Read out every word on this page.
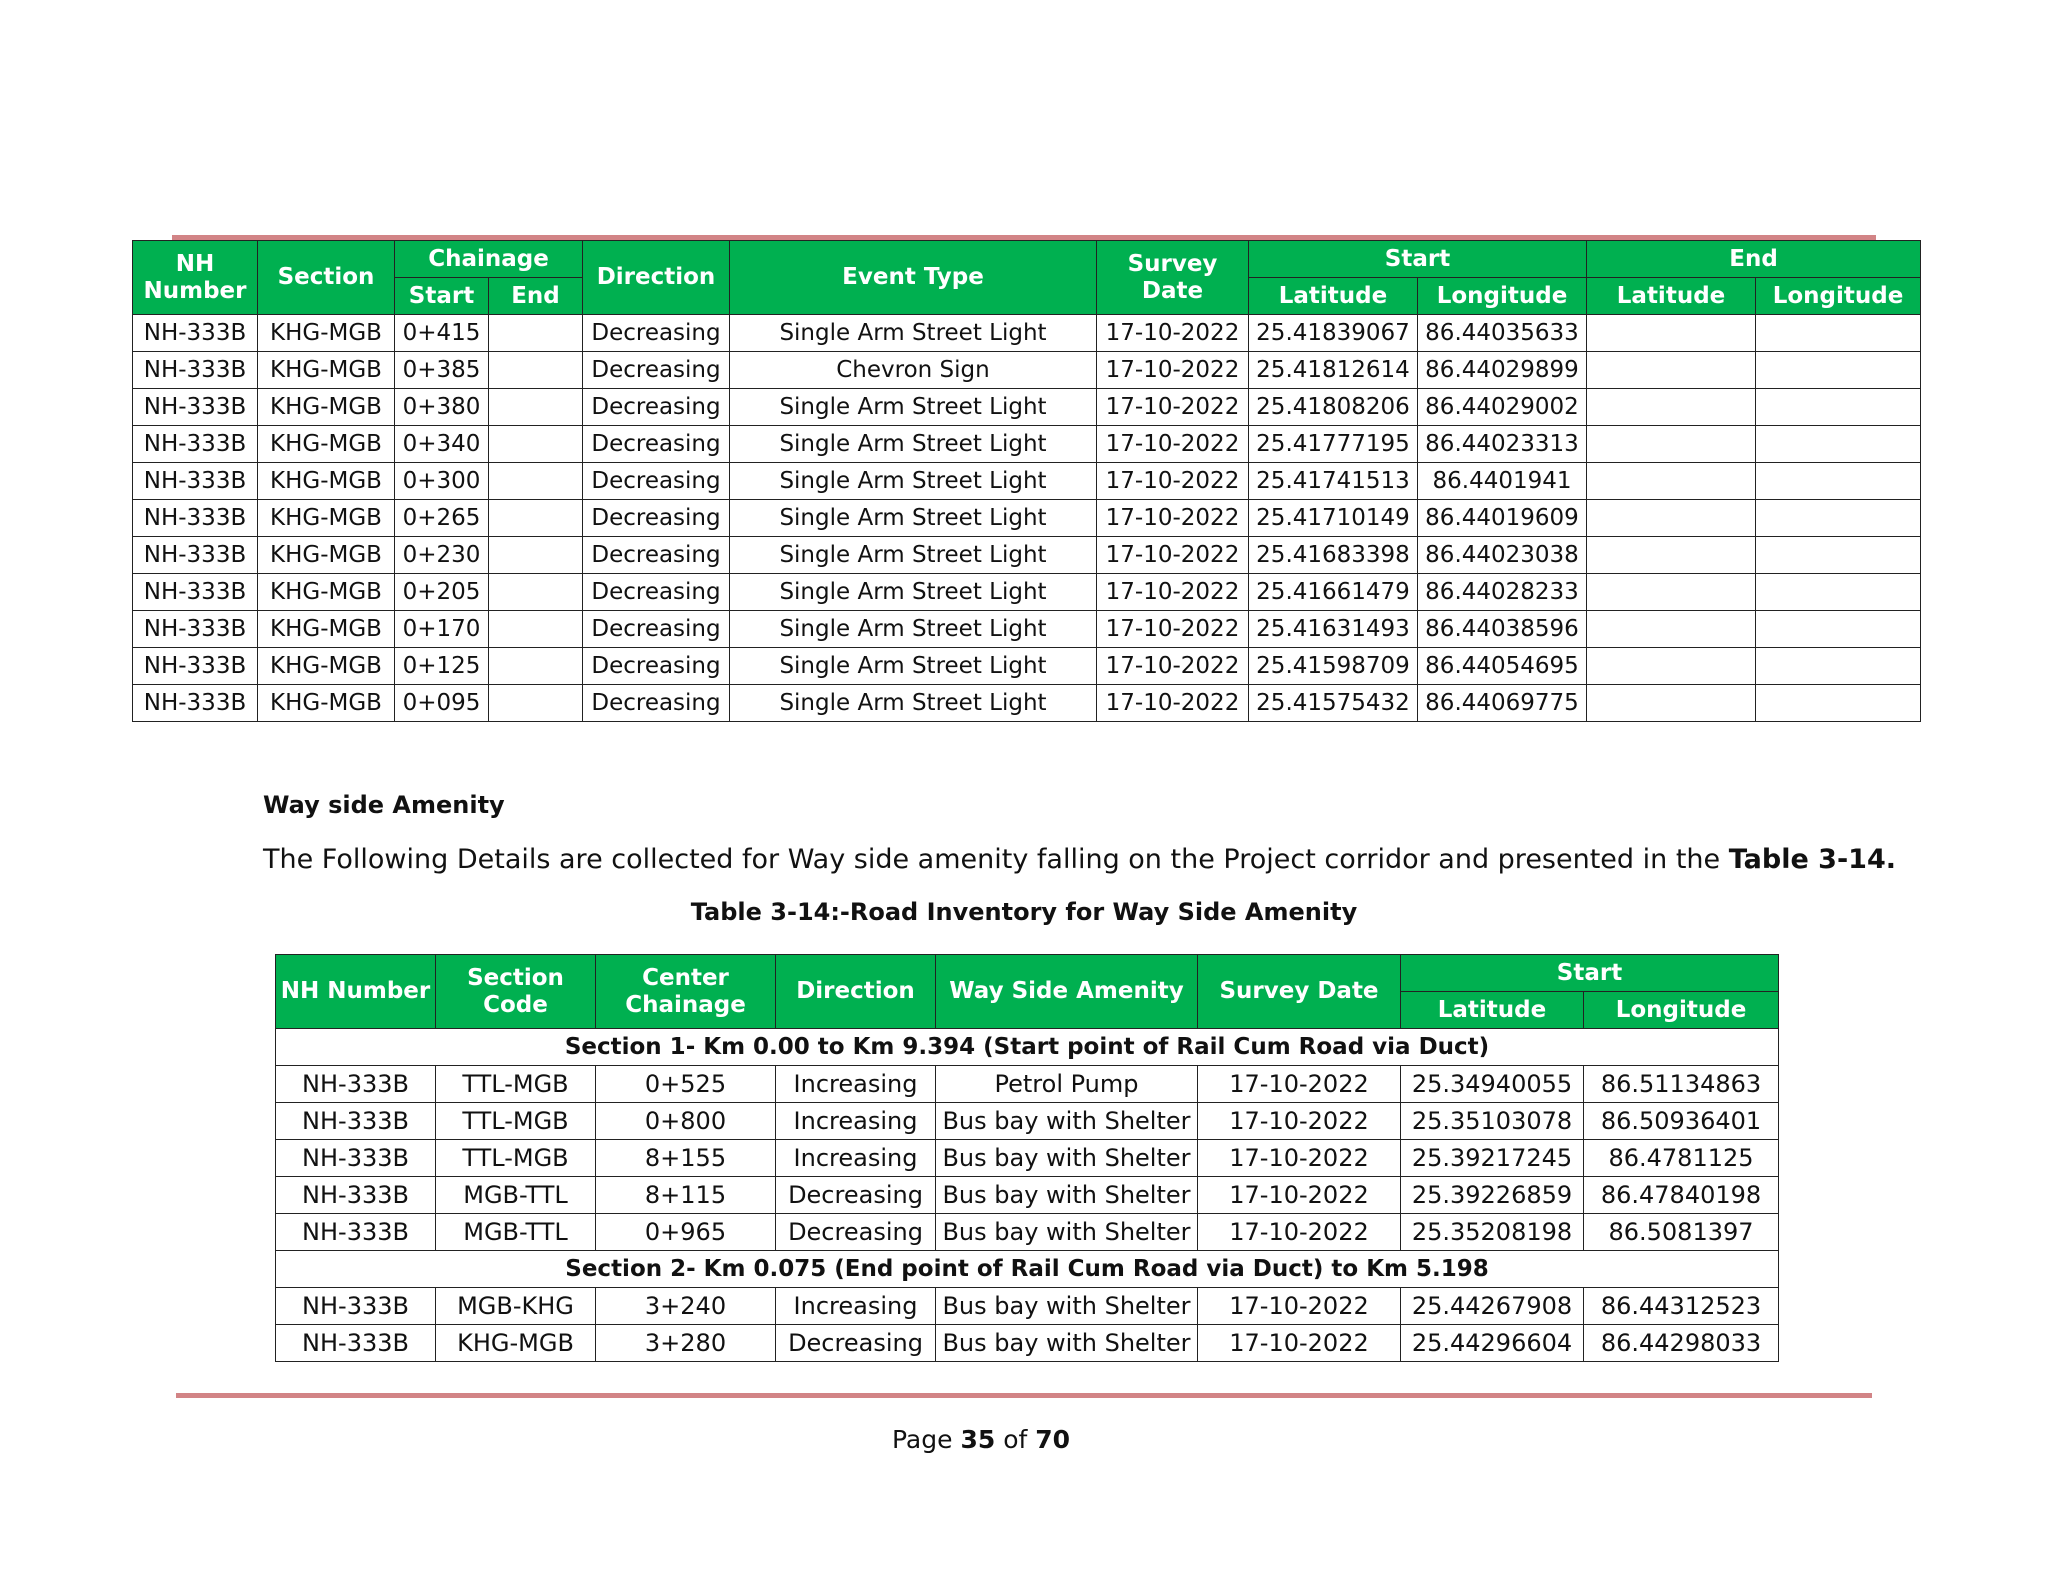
NH Number	Section	Chainage		Direction	Event Type	Survey Date	Start		End	
		Start	End				Latitude	Longitude	Latitude	Longitude
NH-333B	KHG-MGB	0+415		Decreasing	Single Arm Street Light	17-10-2022	25.41839067	86.44035633		
NH-333B	KHG-MGB	0+385		Decreasing	Chevron Sign	17-10-2022	25.41812614	86.44029899		
NH-333B	KHG-MGB	0+380		Decreasing	Single Arm Street Light	17-10-2022	25.41808206	86.44029002		
NH-333B	KHG-MGB	0+340		Decreasing	Single Arm Street Light	17-10-2022	25.41777195	86.44023313		
NH-333B	KHG-MGB	0+300		Decreasing	Single Arm Street Light	17-10-2022	25.41741513	86.4401941		
NH-333B	KHG-MGB	0+265		Decreasing	Single Arm Street Light	17-10-2022	25.41710149	86.44019609		
NH-333B	KHG-MGB	0+230		Decreasing	Single Arm Street Light	17-10-2022	25.41683398	86.44023038		
NH-333B	KHG-MGB	0+205		Decreasing	Single Arm Street Light	17-10-2022	25.41661479	86.44028233		
NH-333B	KHG-MGB	0+170		Decreasing	Single Arm Street Light	17-10-2022	25.41631493	86.44038596		
NH-333B	KHG-MGB	0+125		Decreasing	Single Arm Street Light	17-10-2022	25.41598709	86.44054695		
NH-333B	KHG-MGB	0+095		Decreasing	Single Arm Street Light	17-10-2022	25.41575432	86.44069775		
Way side Amenity
The Following Details are collected for Way side amenity falling on the Project corridor and presented in the Table 3-14.
Table 3-14:-Road Inventory for Way Side Amenity
NH Number	Section Code	Center Chainage	Direction	Way Side Amenity	Survey Date	Start	
						Latitude	Longitude
Section 1- Km 0.00 to Km 9.394 (Start point of Rail Cum Road via Duct)							
NH-333B	TTL-MGB	0+525	Increasing	Petrol Pump	17-10-2022	25.34940055	86.51134863
NH-333B	TTL-MGB	0+800	Increasing	Bus bay with Shelter	17-10-2022	25.35103078	86.50936401
NH-333B	TTL-MGB	8+155	Increasing	Bus bay with Shelter	17-10-2022	25.39217245	86.4781125
NH-333B	MGB-TTL	8+115	Decreasing	Bus bay with Shelter	17-10-2022	25.39226859	86.47840198
NH-333B	MGB-TTL	0+965	Decreasing	Bus bay with Shelter	17-10-2022	25.35208198	86.5081397
Section 2- Km 0.075 (End point of Rail Cum Road via Duct) to Km 5.198							
NH-333B	MGB-KHG	3+240	Increasing	Bus bay with Shelter	17-10-2022	25.44267908	86.44312523
NH-333B	KHG-MGB	3+280	Decreasing	Bus bay with Shelter	17-10-2022	25.44296604	86.44298033
Page 35 of 70
